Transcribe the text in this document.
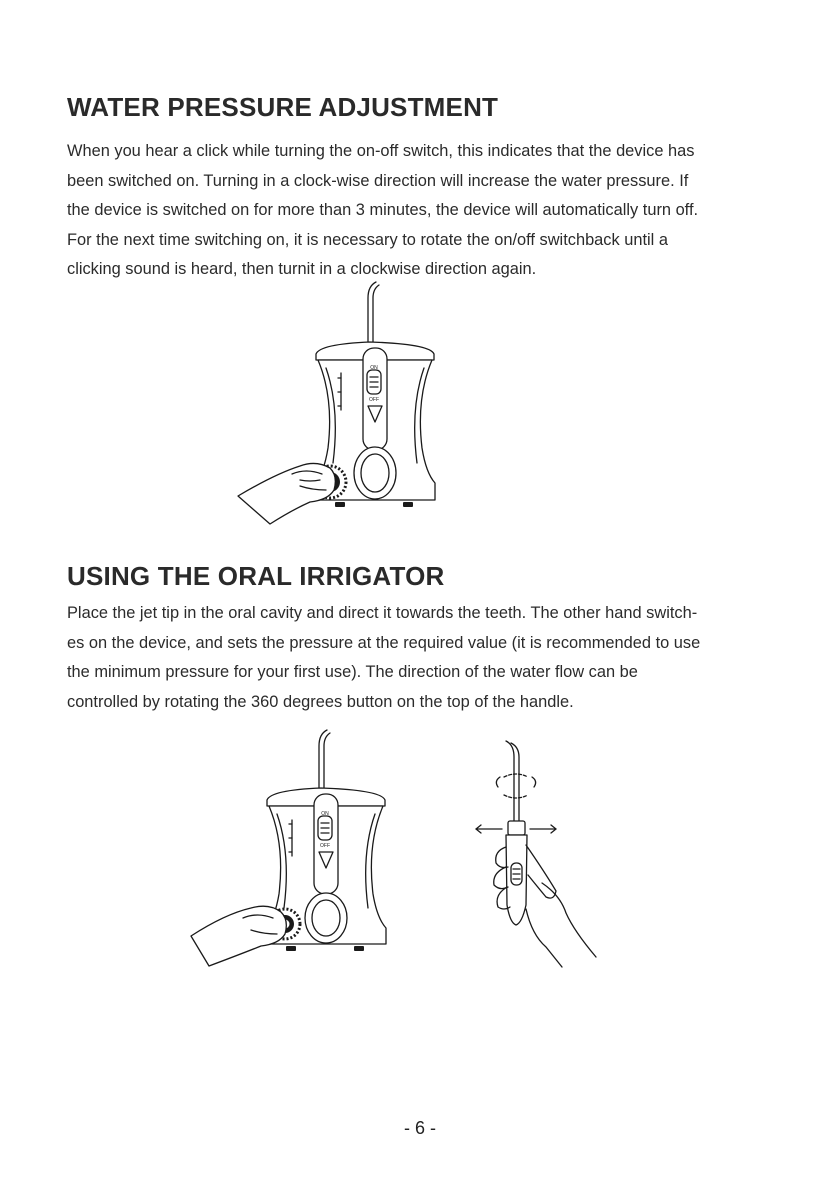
WATER PRESSURE ADJUSTMENT

When you hear a click while turning the on-off switch, this indicates that the device has
been switched on. Turning in a clock-wise direction will increase the water pressure. If
the device is switched on for more than 3 minutes, the device will automatically turn off.
For the next time switching on, it is necessary to rotate the on/off switchback until a
clicking sound is heard, then turnit in a clockwise direction again.

ON
OFF
USING THE ORAL IRRIGATOR

Place the jet tip in the oral cavity and direct it towards the teeth. The other hand switch-
es on the device, and sets the pressure at the required value (it is recommended to use
the minimum pressure for your first use). The direction of the water flow can be
controlled by rotating the 360 degrees button on the top of the handle.

ON
OFF
- 6 -
